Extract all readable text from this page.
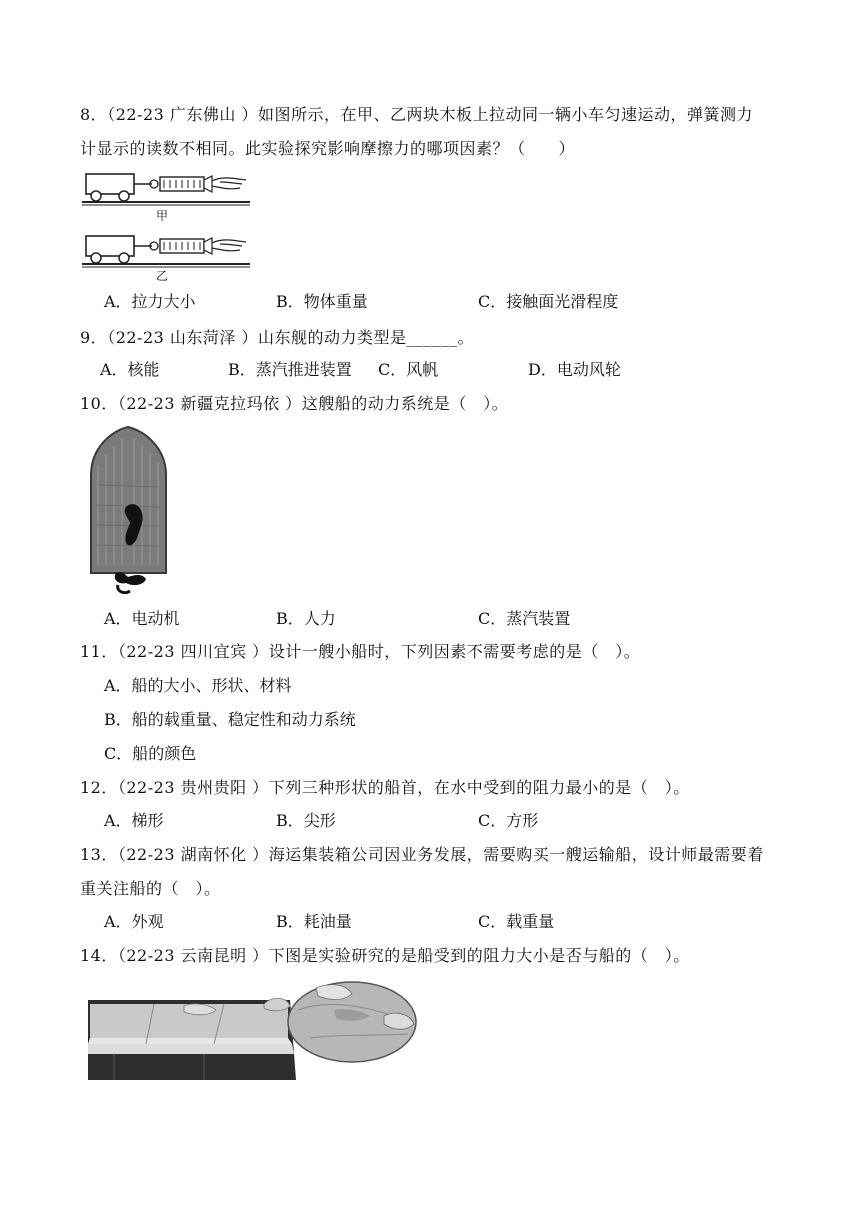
8．（22-23 广东佛山 ）如图所示，在甲、乙两块木板上拉动同一辆小车匀速运动，弹簧测力
计显示的读数不相同。此实验探究影响摩擦力的哪项因素？（　　）
甲
乙
A．拉力大小	B．物体重量	C．接触面光滑程度
9．（22-23 山东菏泽 ）山东舰的动力类型是______。
A．核能	B．蒸汽推进装置 C．风帆	D．电动风轮
10．（22-23 新疆克拉玛依 ）这艘船的动力系统是（　）。
A．电动机	B．人力	C．蒸汽装置
11．（22-23 四川宜宾 ）设计一艘小船时，下列因素不需要考虑的是（　）。
A．船的大小、形状、材料
B．船的载重量、稳定性和动力系统
C．船的颜色
12．（22-23 贵州贵阳 ）下列三种形状的船首，在水中受到的阻力最小的是（　）。
A．梯形	B．尖形	C．方形
13．（22-23 湖南怀化 ）海运集装箱公司因业务发展，需要购买一艘运输船，设计师最需要着
重关注船的（　）。
A．外观	B．耗油量	C．载重量
14．（22-23 云南昆明 ）下图是实验研究的是船受到的阻力大小是否与船的（　）。
